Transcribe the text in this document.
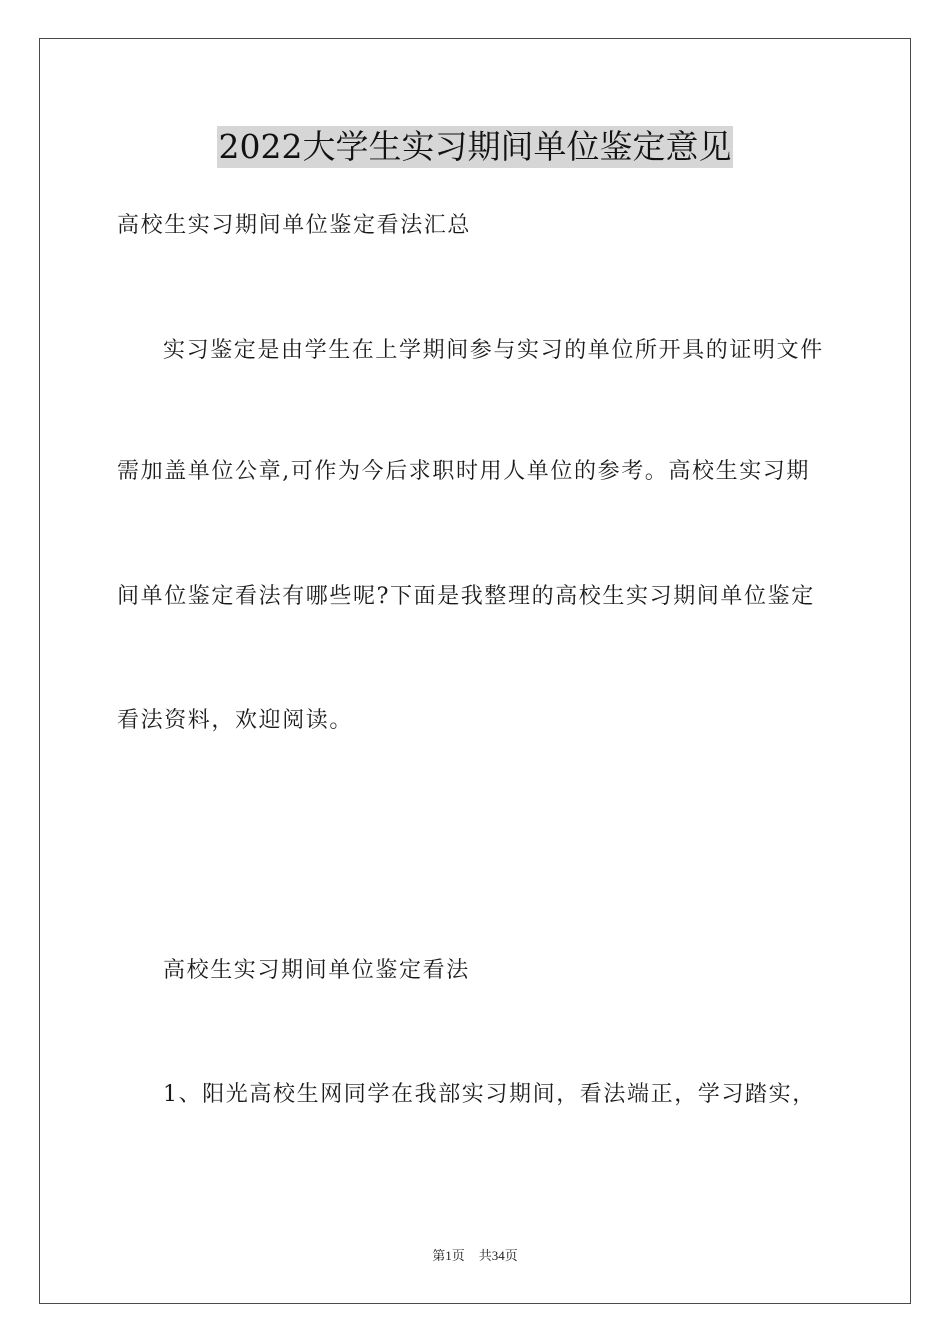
2022大学生实习期间单位鉴定意见
高校生实习期间单位鉴定看法汇总
实习鉴定是由学生在上学期间参与实习的单位所开具的证明文件
需加盖单位公章,可作为今后求职时用人单位的参考。高校生实习期
间单位鉴定看法有哪些呢?下面是我整理的高校生实习期间单位鉴定
看法资料，欢迎阅读。
高校生实习期间单位鉴定看法
1、阳光高校生网同学在我部实习期间，看法端正，学习踏实，
第1页 共34页
